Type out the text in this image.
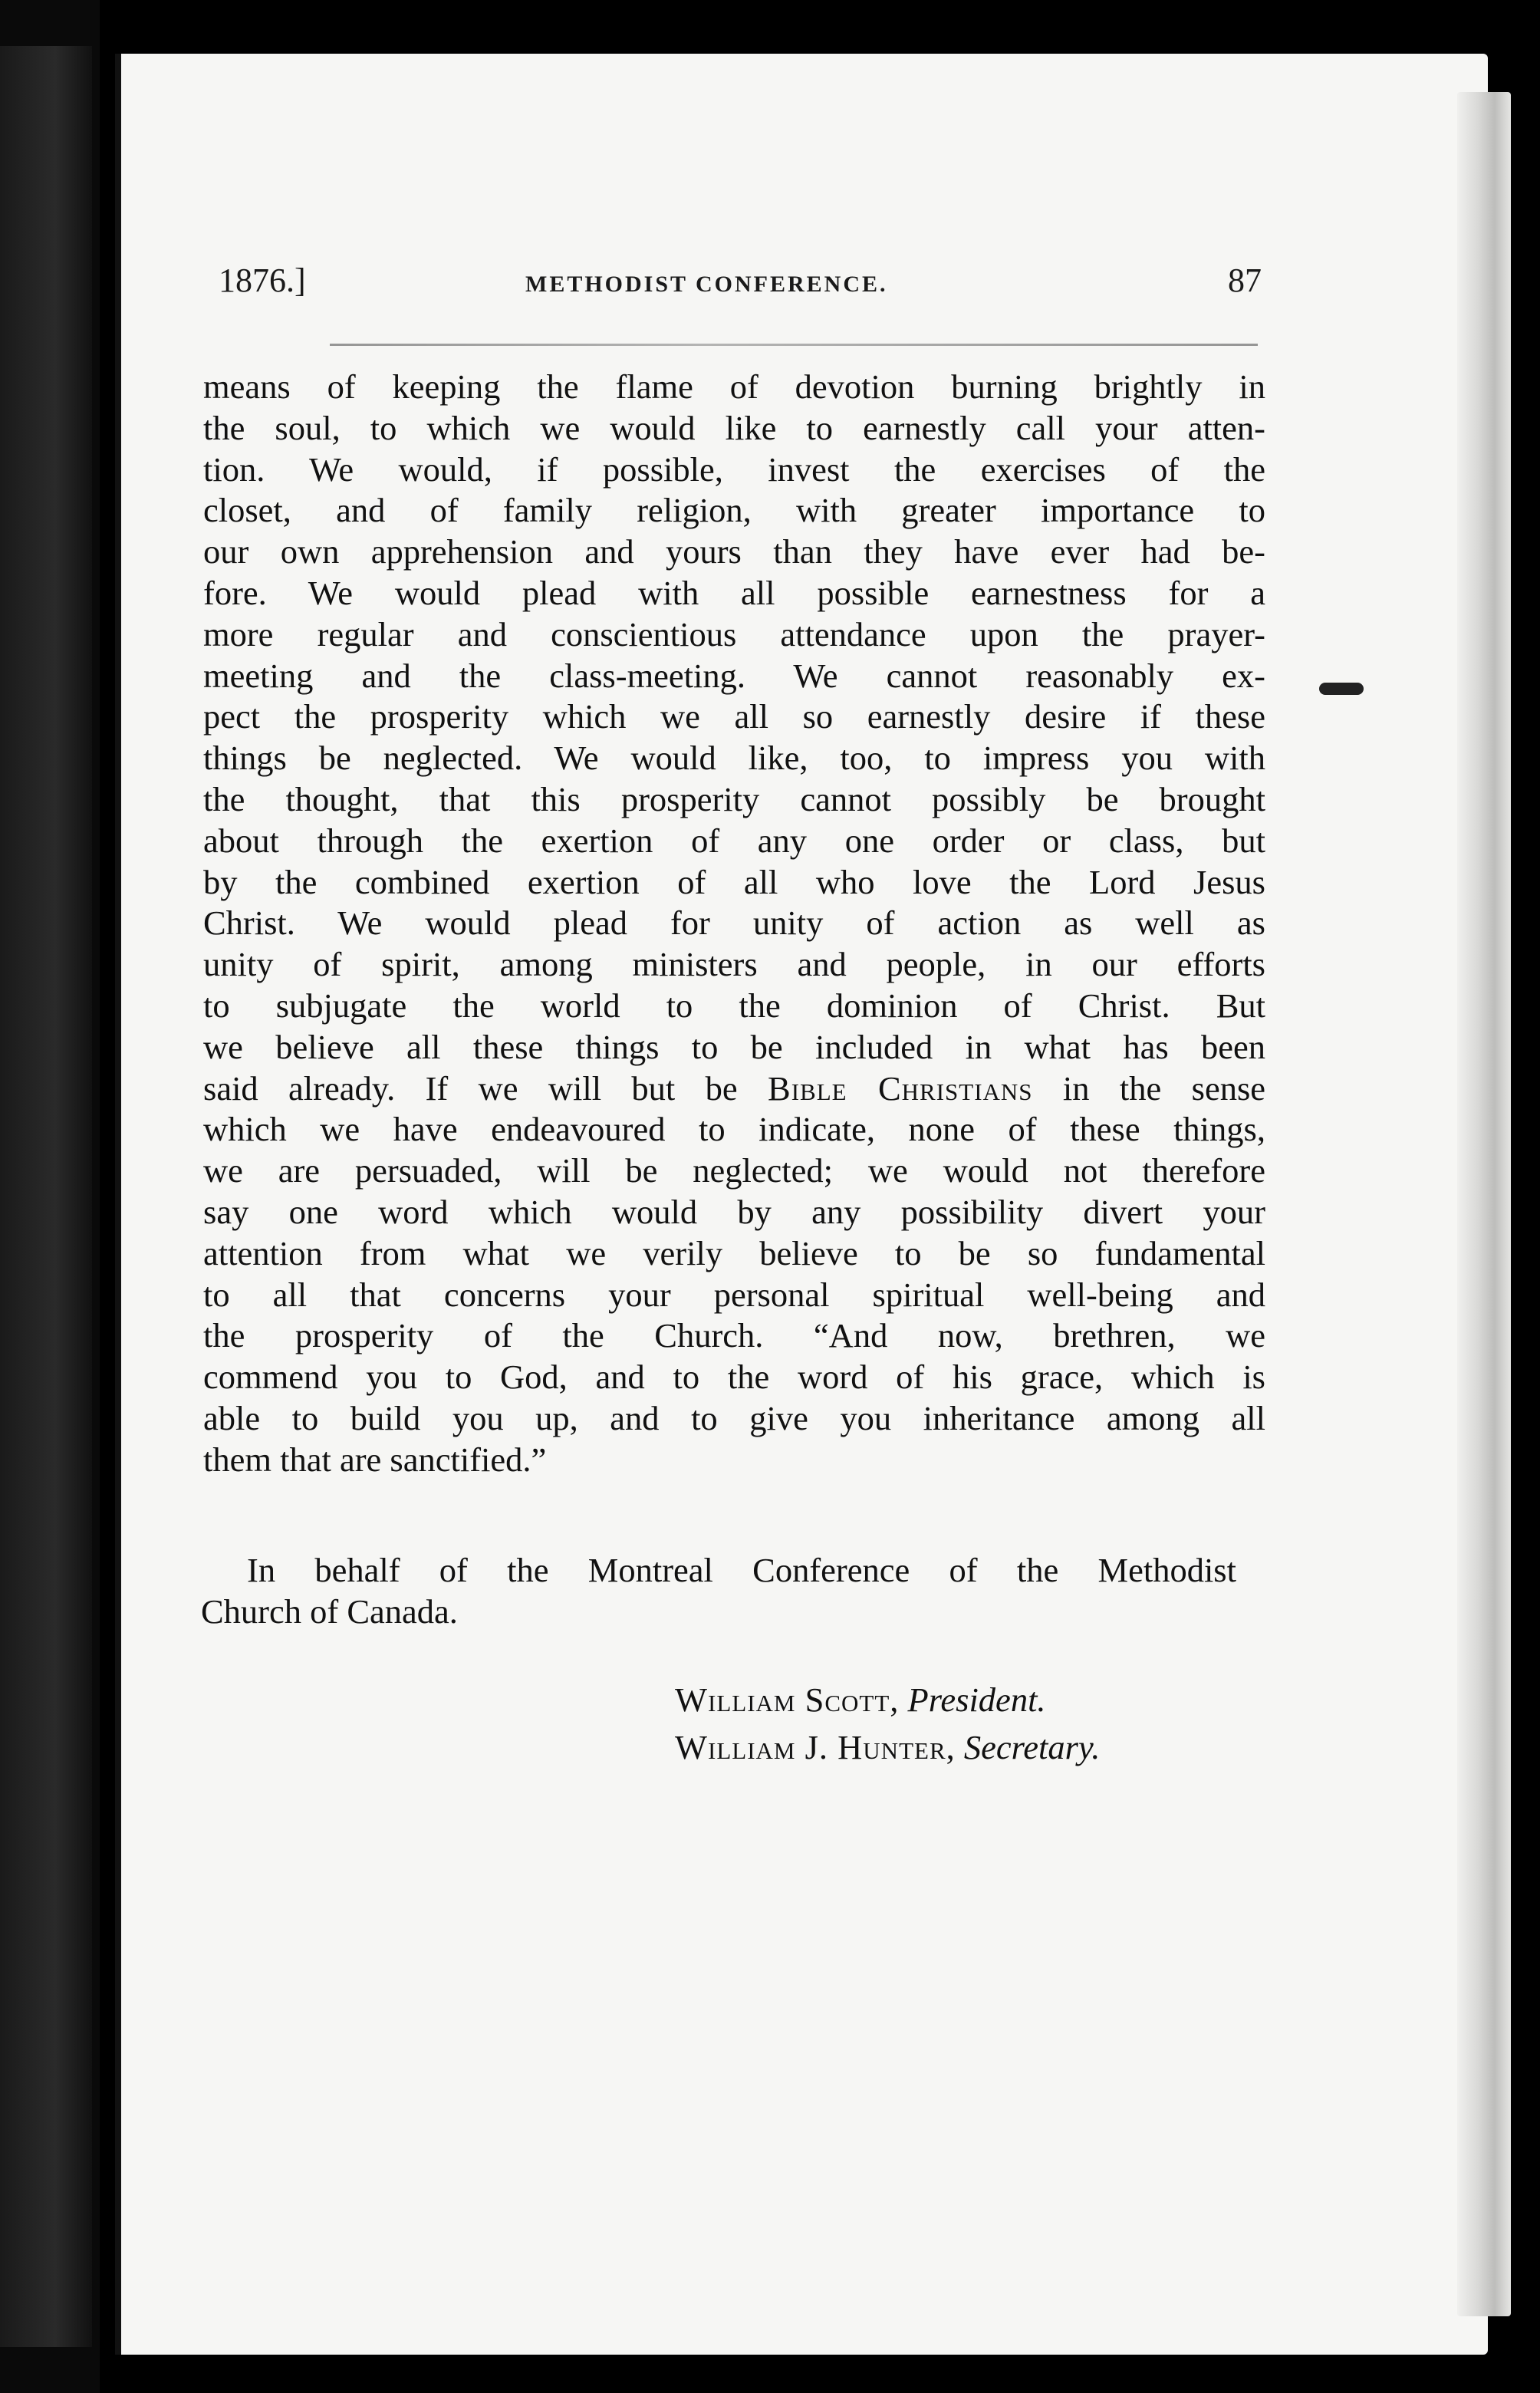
1876.]	METHODIST CONFERENCE.	87
means of keeping the flame of devotion burning brightly in
the soul, to which we would like to earnestly call your atten-
tion. We would, if possible, invest the exercises of the
closet, and of family religion, with greater importance to
our own apprehension and yours than they have ever had be-
fore. We would plead with all possible earnestness for a
more regular and conscientious attendance upon the prayer-
meeting and the class-meeting. We cannot reasonably ex-
pect the prosperity which we all so earnestly desire if these
things be neglected. We would like, too, to impress you with
the thought, that this prosperity cannot possibly be brought
about through the exertion of any one order or class, but
by the combined exertion of all who love the Lord Jesus
Christ. We would plead for unity of action as well as
unity of spirit, among ministers and people, in our efforts
to subjugate the world to the dominion of Christ. But
we believe all these things to be included in what has been
said already. If we will but be Bible Christians in the sense
which we have endeavoured to indicate, none of these things,
we are persuaded, will be neglected; we would not therefore
say one word which would by any possibility divert your
attention from what we verily believe to be so fundamental
to all that concerns your personal spiritual well-being and
the prosperity of the Church. “And now, brethren, we
commend you to God, and to the word of his grace, which is
able to build you up, and to give you inheritance among all
them that are sanctified.”
In behalf of the Montreal Conference of the Methodist
Church of Canada.
William Scott, President.
William J. Hunter, Secretary.
